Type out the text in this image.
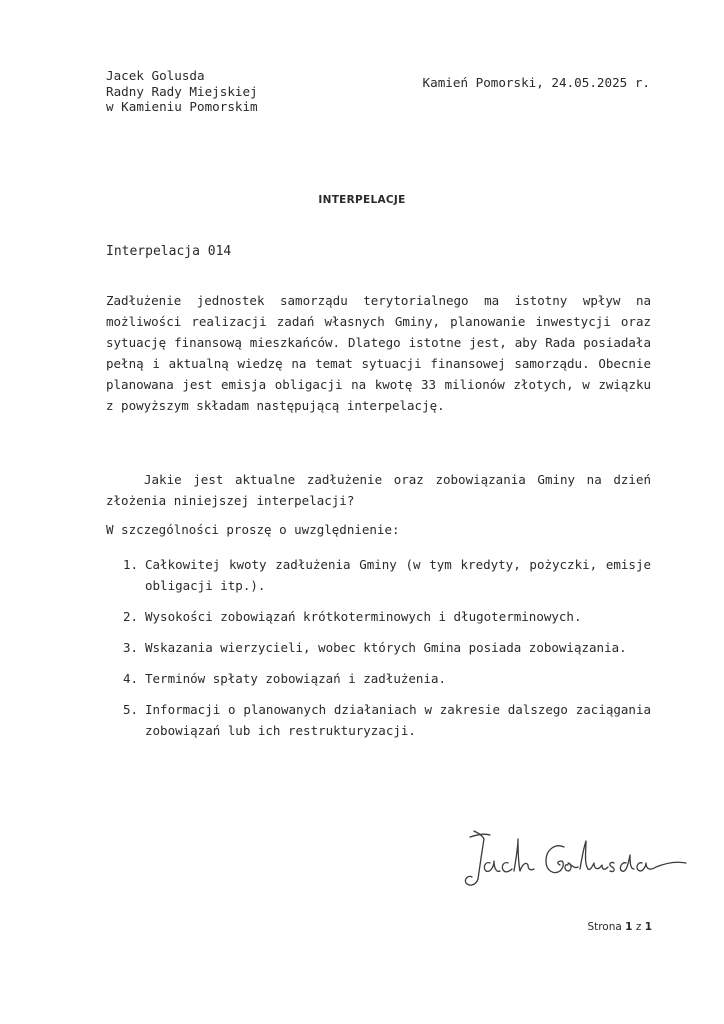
Jacek Golusda
Radny Rady Miejskiej
w Kamieniu Pomorskim
Kamień Pomorski, 24.05.2025 r.
INTERPELACJE
Interpelacja 014
Zadłużenie jednostek samorządu terytorialnego ma istotny wpływ na możliwości realizacji zadań własnych Gminy, planowanie inwestycji oraz sytuację finansową mieszkańców. Dlatego istotne jest, aby Rada posiadała pełną i aktualną wiedzę na temat sytuacji finansowej samorządu. Obecnie planowana jest emisja obligacji na kwotę 33 milionów złotych, w związku z powyższym składam następującą interpelację.
Jakie jest aktualne zadłużenie oraz zobowiązania Gminy na dzień złożenia niniejszej interpelacji?
W szczególności proszę o uwzględnienie:
1. Całkowitej kwoty zadłużenia Gminy (w tym kredyty, pożyczki, emisje obligacji itp.).
2. Wysokości zobowiązań krótkoterminowych i długoterminowych.
3. Wskazania wierzycieli, wobec których Gmina posiada zobowiązania.
4. Terminów spłaty zobowiązań i zadłużenia.
5. Informacji o planowanych działaniach w zakresie dalszego zaciągania zobowiązań lub ich restrukturyzacji.
Jacek Golusda
Strona 1 z 1
